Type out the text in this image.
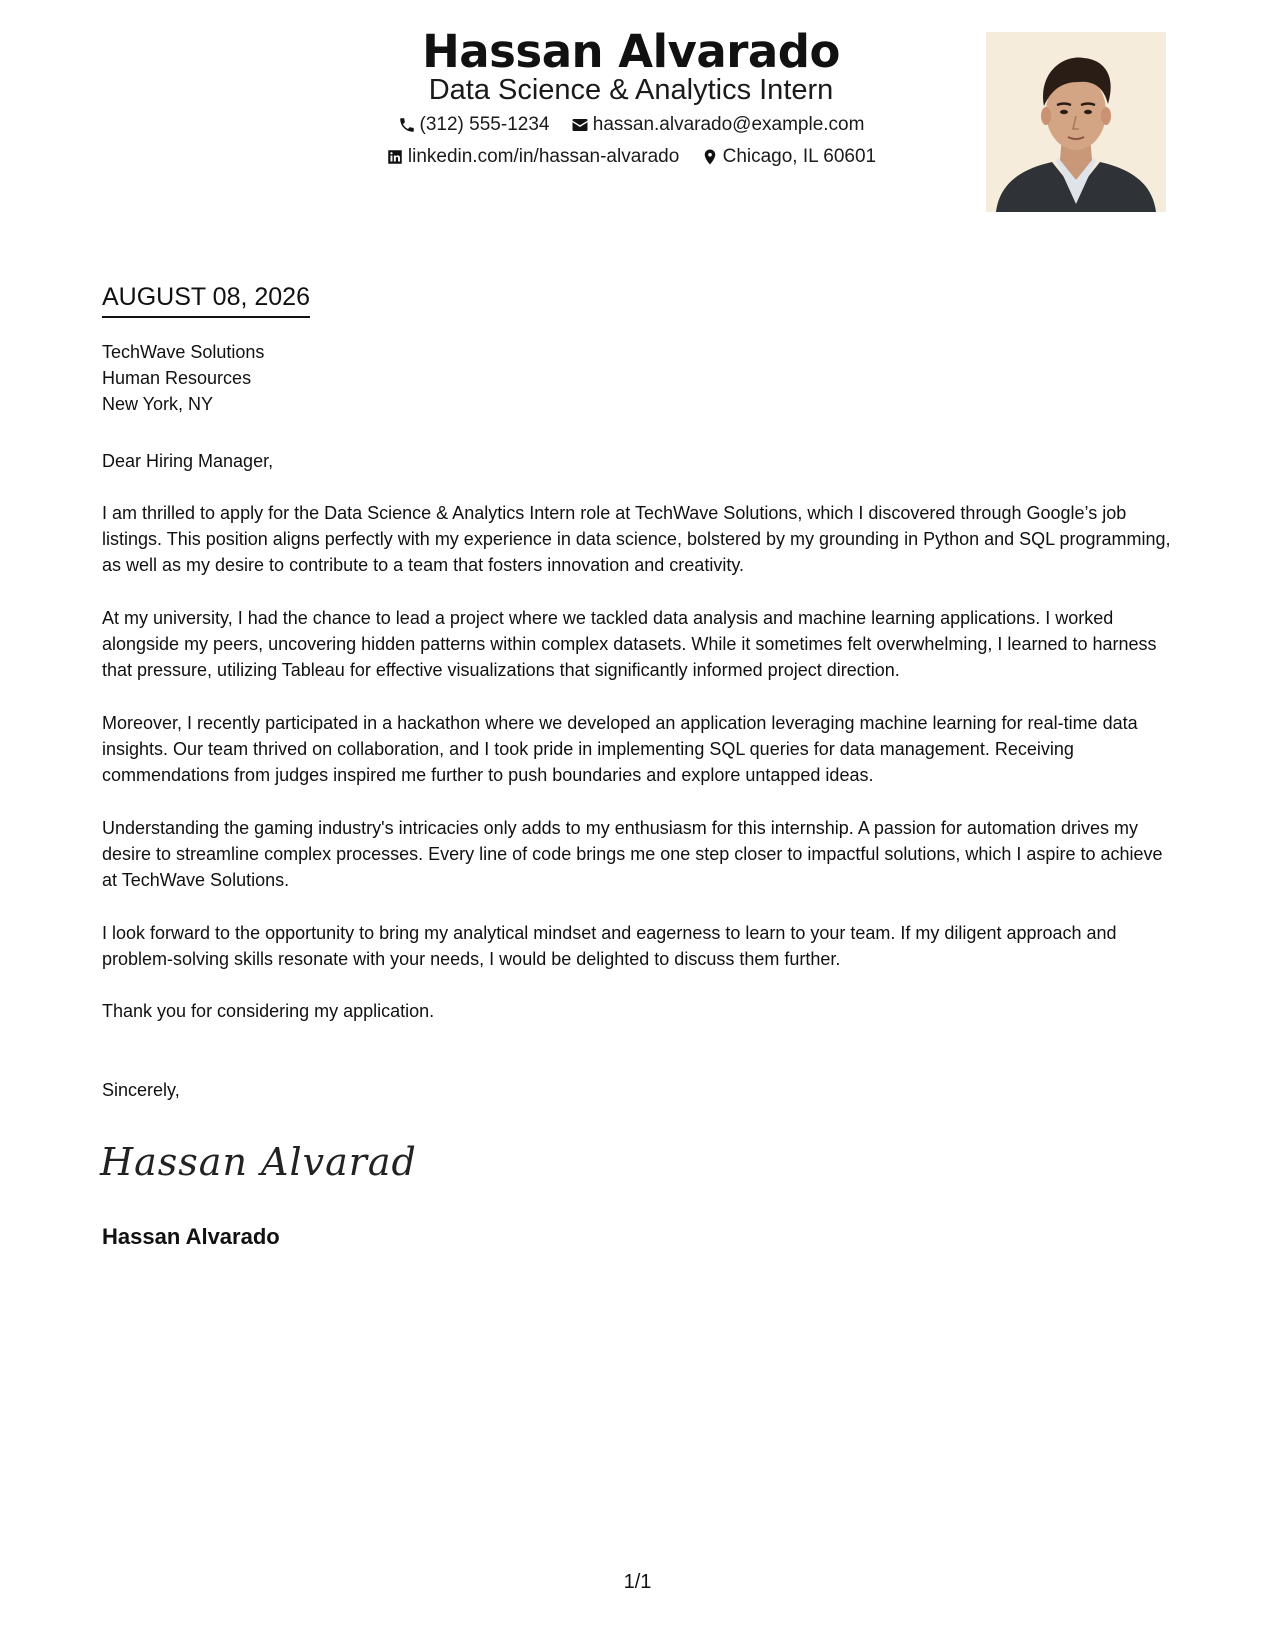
Hassan Alvarado
Data Science & Analytics Intern
(312) 555-1234
hassan.alvarado@example.com
linkedin.com/in/hassan-alvarado
Chicago, IL 60601
AUGUST 08, 2026
TechWave Solutions
Human Resources
New York, NY

Dear Hiring Manager,

I am thrilled to apply for the Data Science & Analytics Intern role at TechWave Solutions, which I discovered through Google’s job listings. This position aligns perfectly with my experience in data science, bolstered by my grounding in Python and SQL programming, as well as my desire to contribute to a team that fosters innovation and creativity.

At my university, I had the chance to lead a project where we tackled data analysis and machine learning applications. I worked alongside my peers, uncovering hidden patterns within complex datasets. While it sometimes felt overwhelming, I learned to harness that pressure, utilizing Tableau for effective visualizations that significantly informed project direction.

Moreover, I recently participated in a hackathon where we developed an application leveraging machine learning for real-time data insights. Our team thrived on collaboration, and I took pride in implementing SQL queries for data management. Receiving commendations from judges inspired me further to push boundaries and explore untapped ideas.

Understanding the gaming industry's intricacies only adds to my enthusiasm for this internship. A passion for automation drives my desire to streamline complex processes. Every line of code brings me one step closer to impactful solutions, which I aspire to achieve at TechWave Solutions.

I look forward to the opportunity to bring my analytical mindset and eagerness to learn to your team. If my diligent approach and problem-solving skills resonate with your needs, I would be delighted to discuss them further.

Thank you for considering my application.

Sincerely,

Hassan Alvarad
Hassan Alvarado
1/1
